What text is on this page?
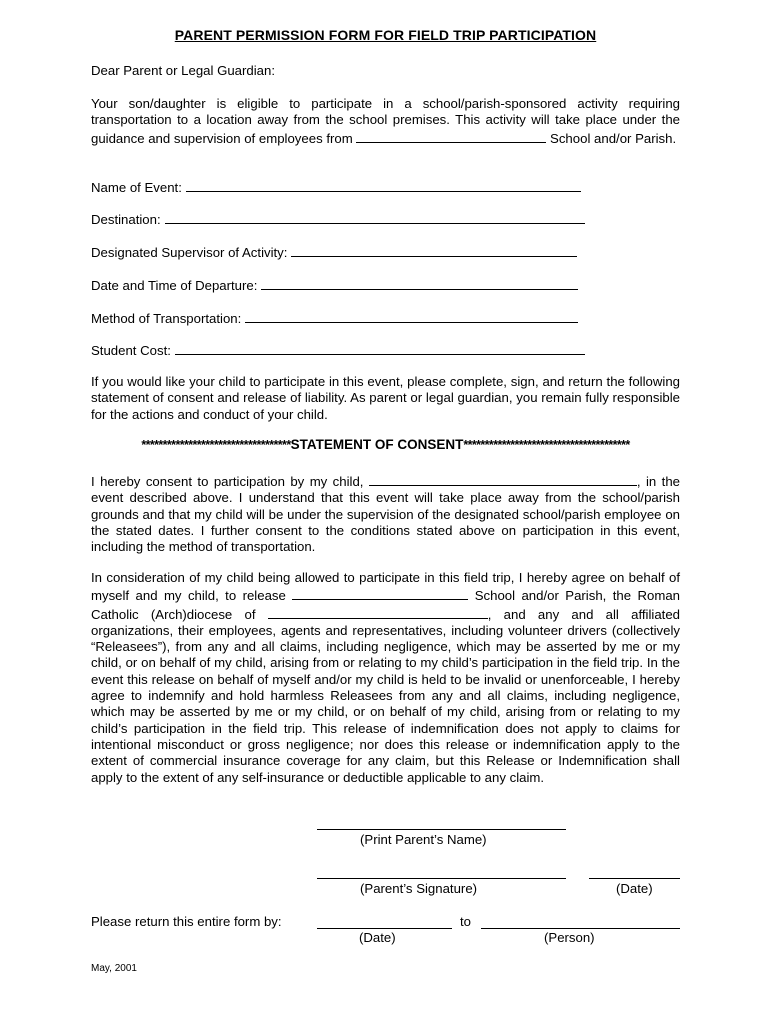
PARENT PERMISSION FORM FOR FIELD TRIP PARTICIPATION
Dear Parent or Legal Guardian:
Your son/daughter is eligible to participate in a school/parish-sponsored activity requiring transportation to a location away from the school premises. This activity will take place under the guidance and supervision of employees from	School and/or Parish.
Name of Event:
Destination:
Designated Supervisor of Activity:
Date and Time of Departure:
Method of Transportation:
Student Cost:
If you would like your child to participate in this event, please complete, sign, and return the following statement of consent and release of liability. As parent or legal guardian, you remain fully responsible for the actions and conduct of your child.
***********************************STATEMENT OF CONSENT***************************************
I hereby consent to participation by my child,	, in the event described above. I understand that this event will take place away from the school/parish grounds and that my child will be under the supervision of the designated school/parish employee on the stated dates. I further consent to the conditions stated above on participation in this event, including the method of transportation.
In consideration of my child being allowed to participate in this field trip, I hereby agree on behalf of myself and my child, to release	School and/or Parish, the Roman Catholic (Arch)diocese of	, and any and all affiliated organizations, their employees, agents and representatives, including volunteer drivers (collectively “Releasees”), from any and all claims, including negligence, which may be asserted by me or my child, or on behalf of my child, arising from or relating to my child’s participation in the field trip. In the event this release on behalf of myself and/or my child is held to be invalid or unenforceable, I hereby agree to indemnify and hold harmless Releasees from any and all claims, including negligence, which may be asserted by me or my child, or on behalf of my child, arising from or relating to my child’s participation in the field trip. This release of indemnification does not apply to claims for intentional misconduct or gross negligence; nor does this release or indemnification apply to the extent of commercial insurance coverage for any claim, but this Release or Indemnification shall apply to the extent of any self-insurance or deductible applicable to any claim.
(Print Parent’s Name)
(Parent’s Signature)	(Date)
Please return this entire form by:	to
(Date)	(Person)
May, 2001
